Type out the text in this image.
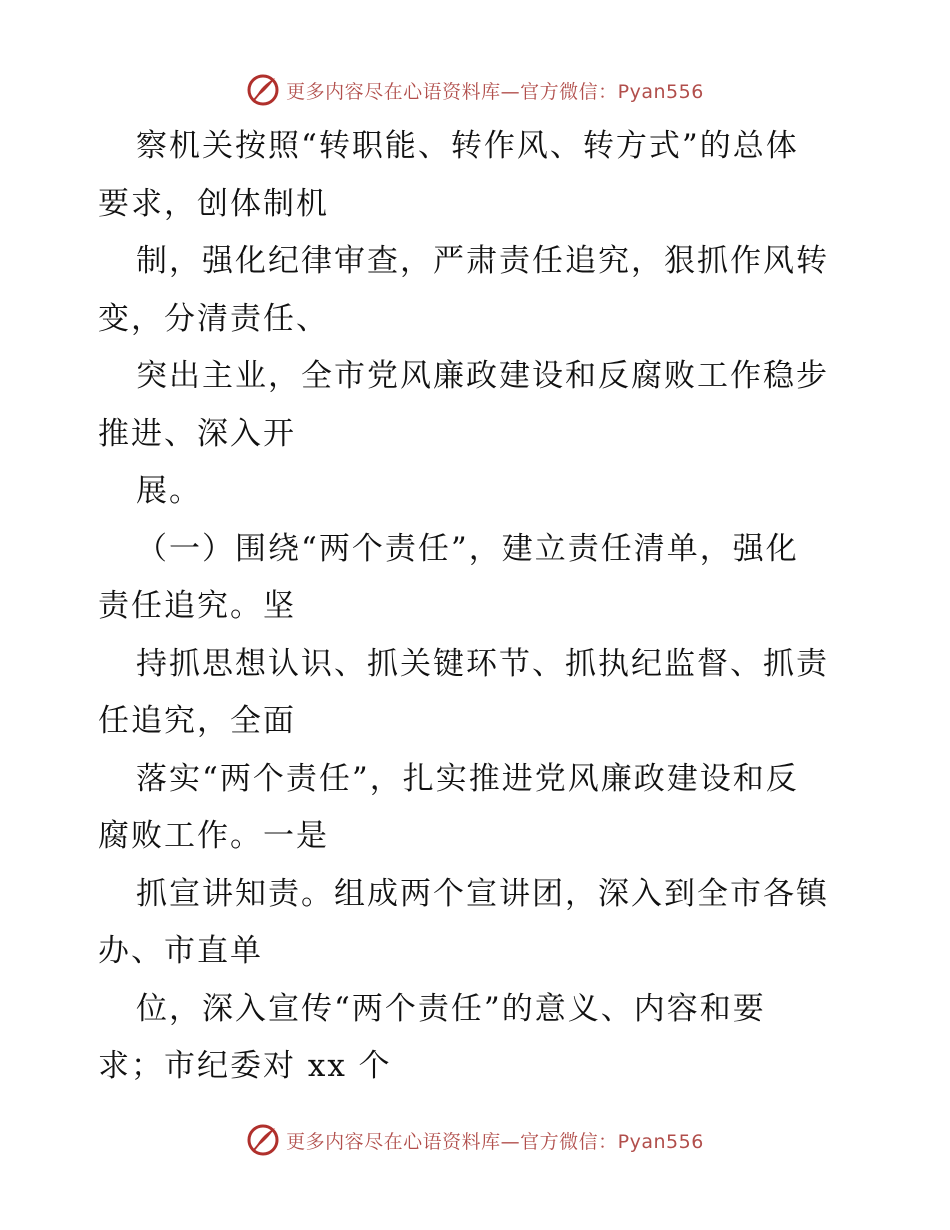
更多内容尽在心语资料库—官方微信：Pyan556
察机关按照“转职能、转作风、转方式”的总体
要求，创体制机
制，强化纪律审查，严肃责任追究，狠抓作风转
变，分清责任、
突出主业，全市党风廉政建设和反腐败工作稳步
推进、深入开
展。
（一）围绕“两个责任”，建立责任清单，强化
责任追究。坚
持抓思想认识、抓关键环节、抓执纪监督、抓责
任追究，全面
落实“两个责任”，扎实推进党风廉政建设和反
腐败工作。一是
抓宣讲知责。组成两个宣讲团，深入到全市各镇
办、市直单
位，深入宣传“两个责任”的意义、内容和要
求；市纪委对 xx 个
更多内容尽在心语资料库—官方微信：Pyan556
